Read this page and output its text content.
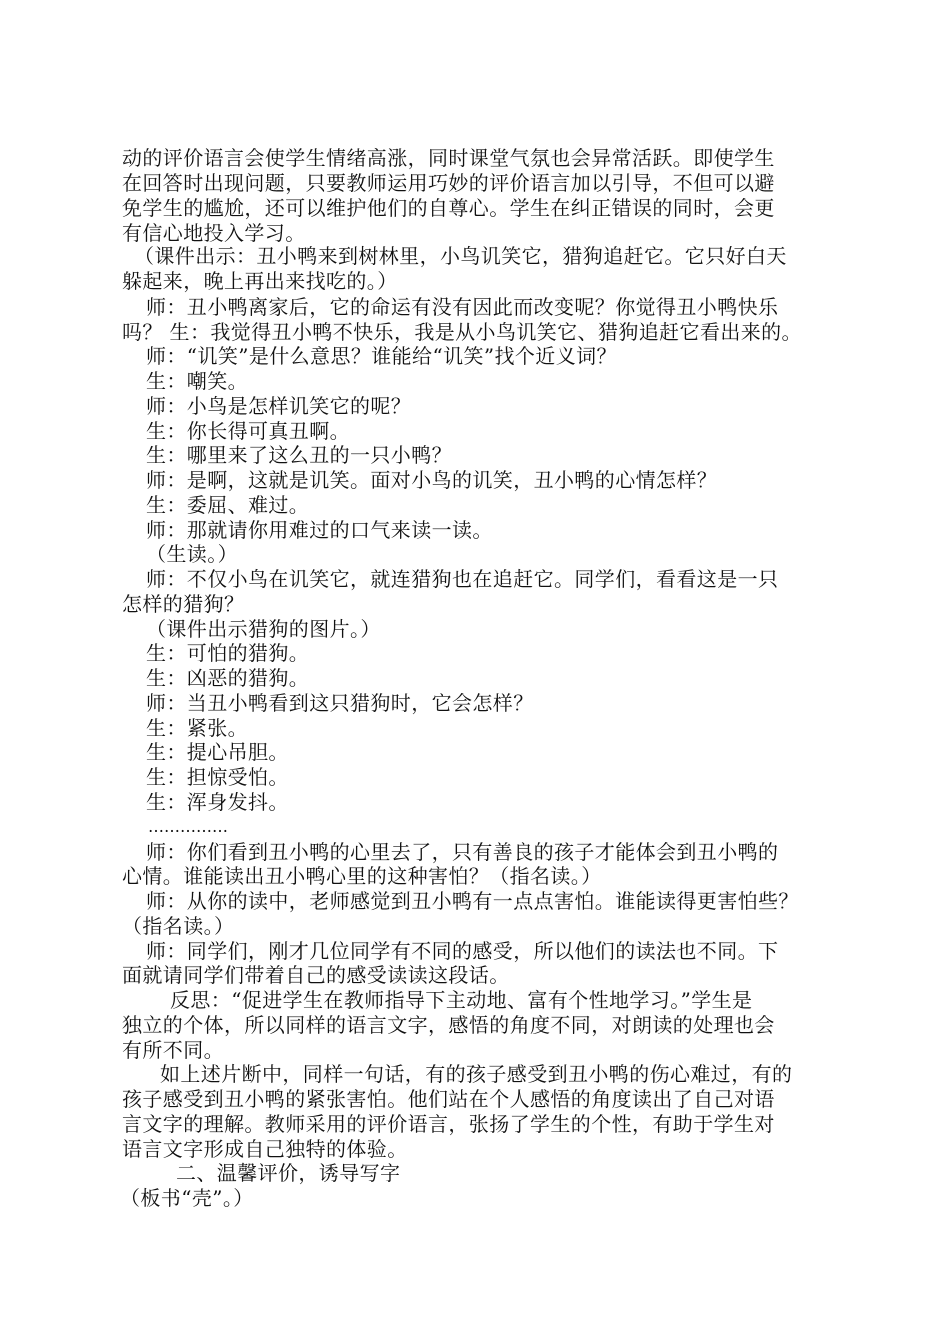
动的评价语言会使学生情绪高涨，同时课堂气氛也会异常活跃。即使学生
在回答时出现问题，只要教师运用巧妙的评价语言加以引导，不但可以避
免学生的尴尬，还可以维护他们的自尊心。学生在纠正错误的同时，会更
有信心地投入学习。
（课件出示：丑小鸭来到树林里，小鸟讥笑它，猎狗追赶它。它只好白天
躲起来，晚上再出来找吃的。）
师：丑小鸭离家后，它的命运有没有因此而改变呢？你觉得丑小鸭快乐
吗？ 生：我觉得丑小鸭不快乐，我是从小鸟讥笑它、猎狗追赶它看出来的。
师：“讥笑”是什么意思？谁能给“讥笑”找个近义词？
生：嘲笑。
师：小鸟是怎样讥笑它的呢？
生：你长得可真丑啊。
生：哪里来了这么丑的一只小鸭？
师：是啊，这就是讥笑。面对小鸟的讥笑，丑小鸭的心情怎样？
生：委屈、难过。
师：那就请你用难过的口气来读一读。
（生读。）
师：不仅小鸟在讥笑它，就连猎狗也在追赶它。同学们，看看这是一只
怎样的猎狗？
（课件出示猎狗的图片。）
生：可怕的猎狗。
生：凶恶的猎狗。
师：当丑小鸭看到这只猎狗时，它会怎样？
生：紧张。
生：提心吊胆。
生：担惊受怕。
生：浑身发抖。
……………
师：你们看到丑小鸭的心里去了，只有善良的孩子才能体会到丑小鸭的
心情。谁能读出丑小鸭心里的这种害怕？（指名读。）
师：从你的读中，老师感觉到丑小鸭有一点点害怕。谁能读得更害怕些？
（指名读。）
师：同学们，刚才几位同学有不同的感受，所以他们的读法也不同。下
面就请同学们带着自己的感受读读这段话。
反思：“促进学生在教师指导下主动地、富有个性地学习。”学生是
独立的个体，所以同样的语言文字，感悟的角度不同，对朗读的处理也会
有所不同。
如上述片断中，同样一句话，有的孩子感受到丑小鸭的伤心难过，有的
孩子感受到丑小鸭的紧张害怕。他们站在个人感悟的角度读出了自己对语
言文字的理解。教师采用的评价语言，张扬了学生的个性，有助于学生对
语言文字形成自己独特的体验。
二、温馨评价，诱导写字
（板书“壳”。）
